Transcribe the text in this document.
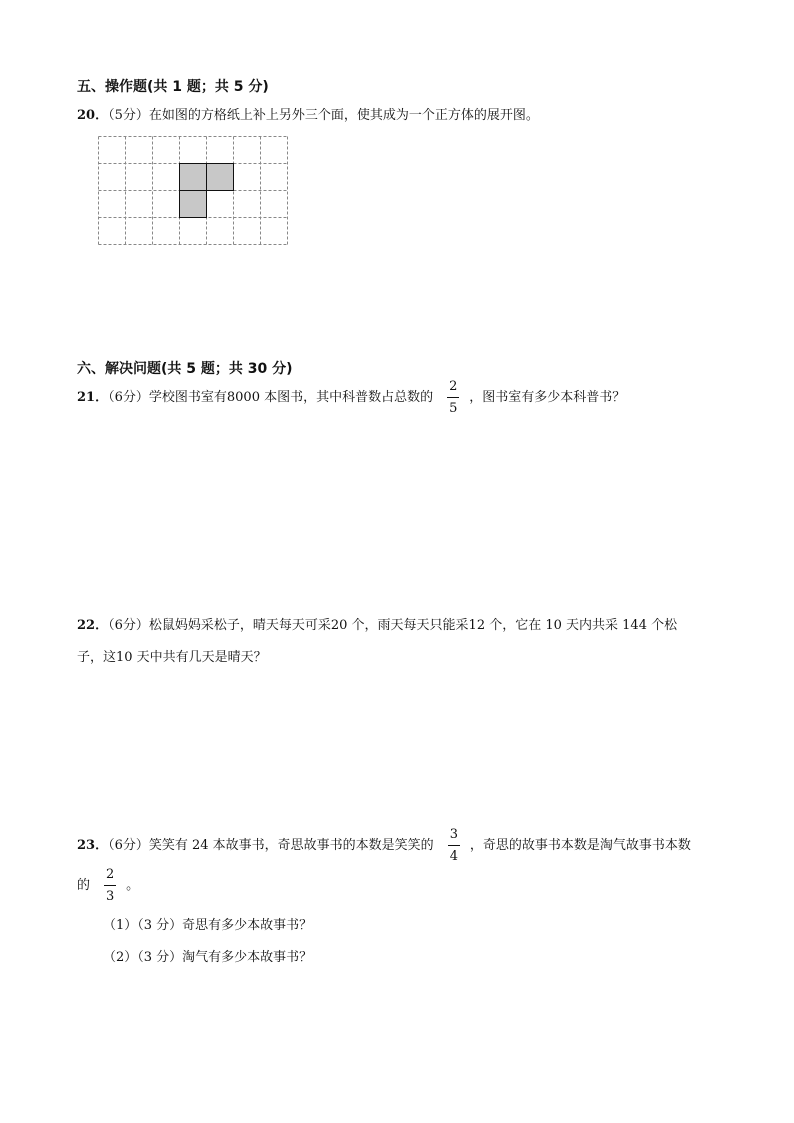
五、操作题(共 1 题；共 5 分)
20．（5分）在如图的方格纸上补上另外三个面，使其成为一个正方体的展开图。
六、解决问题(共 5 题；共 30 分)
21．（6分）学校图书室有8000 本图书，其中科普数占总数的 $\frac{2}{5}$ ，图书室有多少本科普书？
22．（6分）松鼠妈妈采松子，晴天每天可采20 个，雨天每天只能采12 个，它在 10 天内共采 144 个松
子，这10 天中共有几天是晴天？
23．（6分）笑笑有 24 本故事书，奇思故事书的本数是笑笑的 $\frac{3}{4}$ ，奇思的故事书本数是淘气故事书本数
的 $\frac{2}{3}$ 。
（1）（3 分）奇思有多少本故事书？
（2）（3 分）淘气有多少本故事书？
